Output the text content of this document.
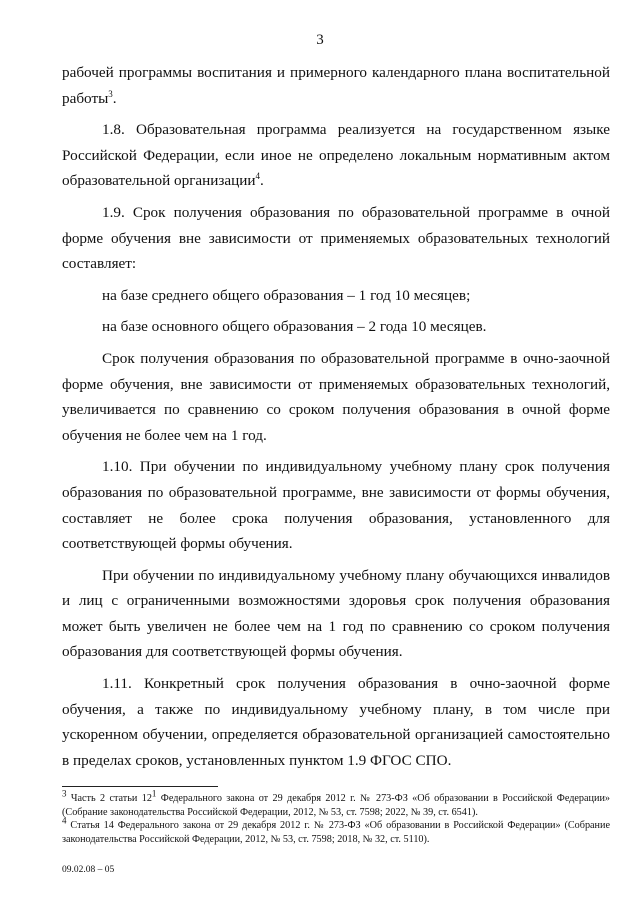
3

рабочей программы воспитания и примерного календарного плана воспитательной работы$^3$.

1.8. Образовательная программа реализуется на государственном языке Российской Федерации, если иное не определено локальным нормативным актом образовательной организации$^4$.

1.9. Срок получения образования по образовательной программе в очной форме обучения вне зависимости от применяемых образовательных технологий составляет:

на базе среднего общего образования – 1 год 10 месяцев;

на базе основного общего образования – 2 года 10 месяцев.

Срок получения образования по образовательной программе в очно-заочной форме обучения, вне зависимости от применяемых образовательных технологий, увеличивается по сравнению со сроком получения образования в очной форме обучения не более чем на 1 год.

1.10. При обучении по индивидуальному учебному плану срок получения образования по образовательной программе, вне зависимости от формы обучения, составляет не более срока получения образования, установленного для соответствующей формы обучения.

При обучении по индивидуальному учебному плану обучающихся инвалидов и лиц с ограниченными возможностями здоровья срок получения образования может быть увеличен не более чем на 1 год по сравнению со сроком получения образования для соответствующей формы обучения.

1.11. Конкретный срок получения образования в очно-заочной форме обучения, а также по индивидуальному учебному плану, в том числе при ускоренном обучении, определяется образовательной организацией самостоятельно в пределах сроков, установленных пунктом 1.9 ФГОС СПО.

$^3$ Часть 2 статьи $12^1$ Федерального закона от 29 декабря 2012 г. № 273-ФЗ «Об образовании в Российской Федерации» (Собрание законодательства Российской Федерации, 2012, № 53, ст. 7598; 2022, № 39, ст. 6541).

$^4$ Статья 14 Федерального закона от 29 декабря 2012 г. № 273-ФЗ «Об образовании в Российской Федерации» (Собрание законодательства Российской Федерации, 2012, № 53, ст. 7598; 2018, № 32, ст. 5110).

09.02.08 – 05
